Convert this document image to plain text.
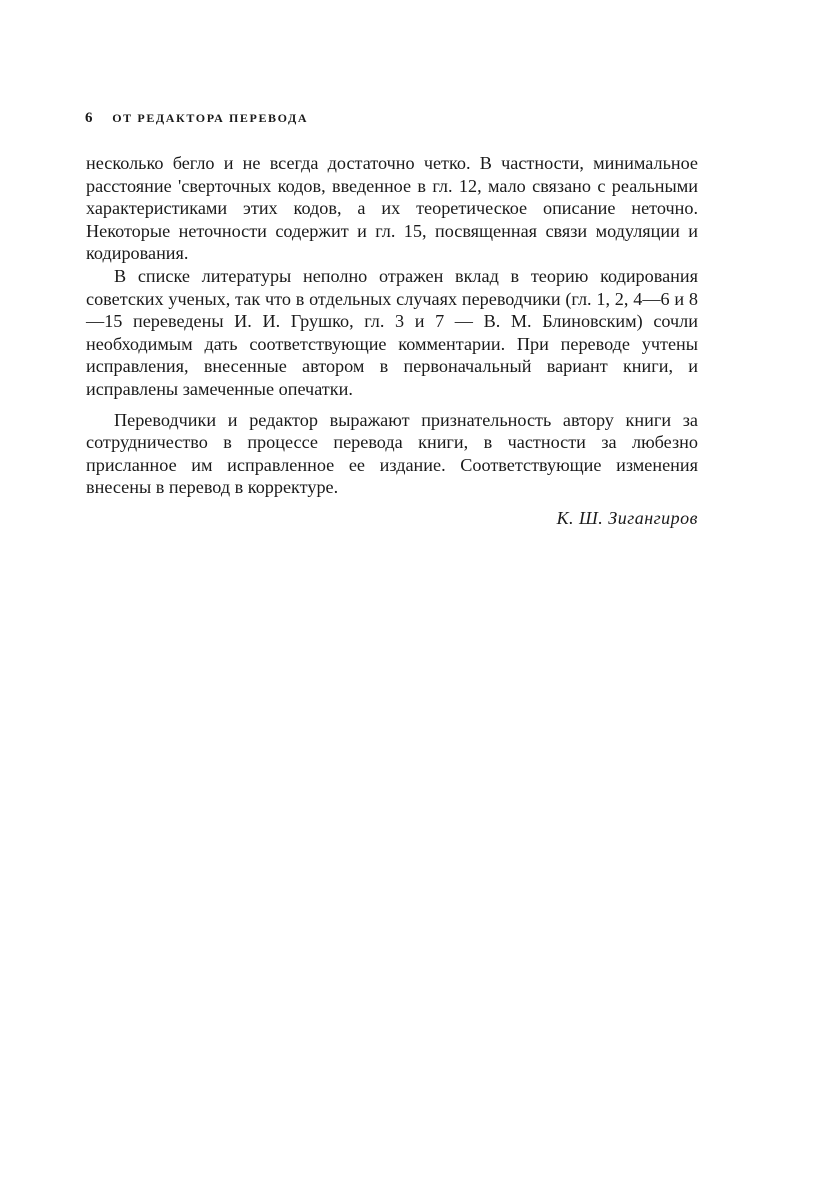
6 ОТ РЕДАКТОРА ПЕРЕВОДА

несколько бегло и не всегда достаточно четко. В частности, минимальное расстояние 'сверточных кодов, введенное в гл. 12, мало связано с реальными характеристиками этих кодов, а их теоретическое описание неточно. Некоторые неточности содержит и гл. 15, посвященная связи модуляции и кодирования.

В списке литературы неполно отражен вклад в теорию кодирования советских ученых, так что в отдельных случаях переводчики (гл. 1, 2, 4—6 и 8—15 переведены И. И. Грушко, гл. 3 и 7 — В. М. Блиновским) сочли необходимым дать соответствующие комментарии. При переводе учтены исправления, внесенные автором в первоначальный вариант книги, и исправлены замеченные опечатки.

Переводчики и редактор выражают признательность автору книги за сотрудничество в процессе перевода книги, в частности за любезно присланное им исправленное ее издание. Соответствующие изменения внесены в перевод в корректуре.

К. Ш. Зигангиров
